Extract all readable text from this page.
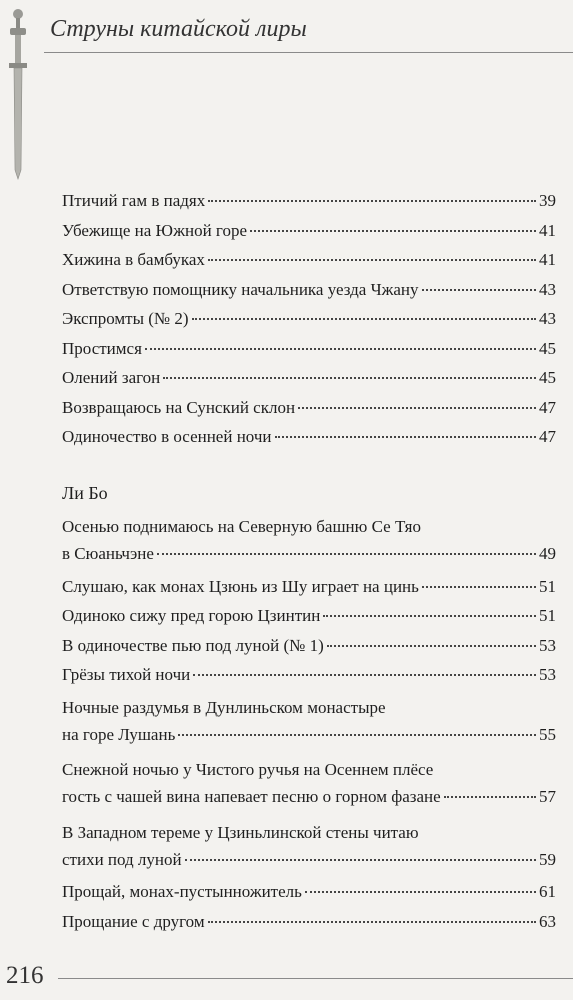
Струны китайской лиры
Птичий гам в падях	39
Убежище на Южной горе	41
Хижина в бамбуках	41
Ответствую помощнику начальника уезда Чжану	43
Экспромты (№ 2)	43
Простимся	45
Олений загон	45
Возвращаюсь на Сунский склон	47
Одиночество в осенней ночи	47
Ли Бо
Осенью поднимаюсь на Северную башню Се Тяо
в Сюаньчэне	49
Слушаю, как монах Цзюнь из Шу играет на цинь	51
Одиноко сижу пред горою Цзинтин	51
В одиночестве пью под луной (№ 1)	53
Грёзы тихой ночи	53
Ночные раздумья в Дунлиньском монастыре
на горе Лушань	55
Снежной ночью у Чистого ручья на Осеннем плёсе
гость с чашей вина напевает песню о горном фазане	57
В Западном тереме у Цзиньлинской стены читаю
стихи под луной	59
Прощай, монах-пустынножитель	61
Прощание с другом	63
216
